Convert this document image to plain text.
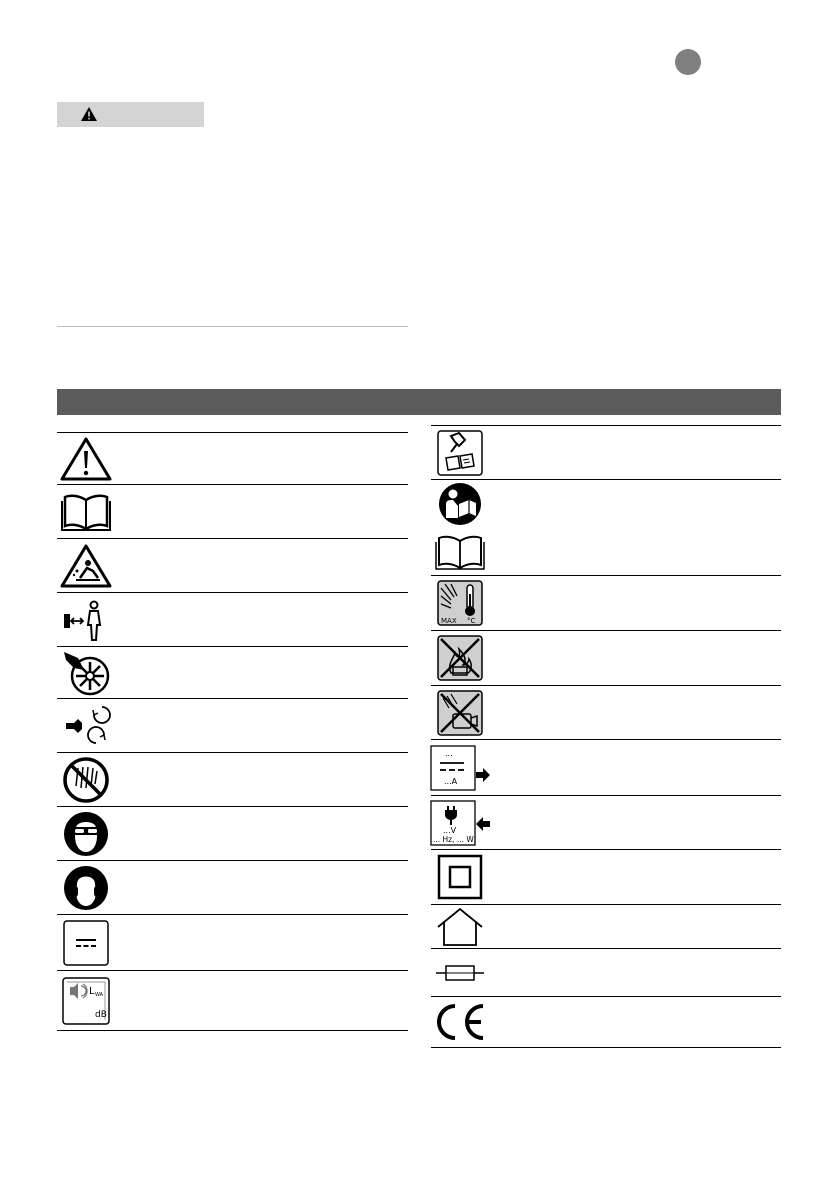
L WA
dB
MAX °C
...
...A
...V
... Hz, ... W
